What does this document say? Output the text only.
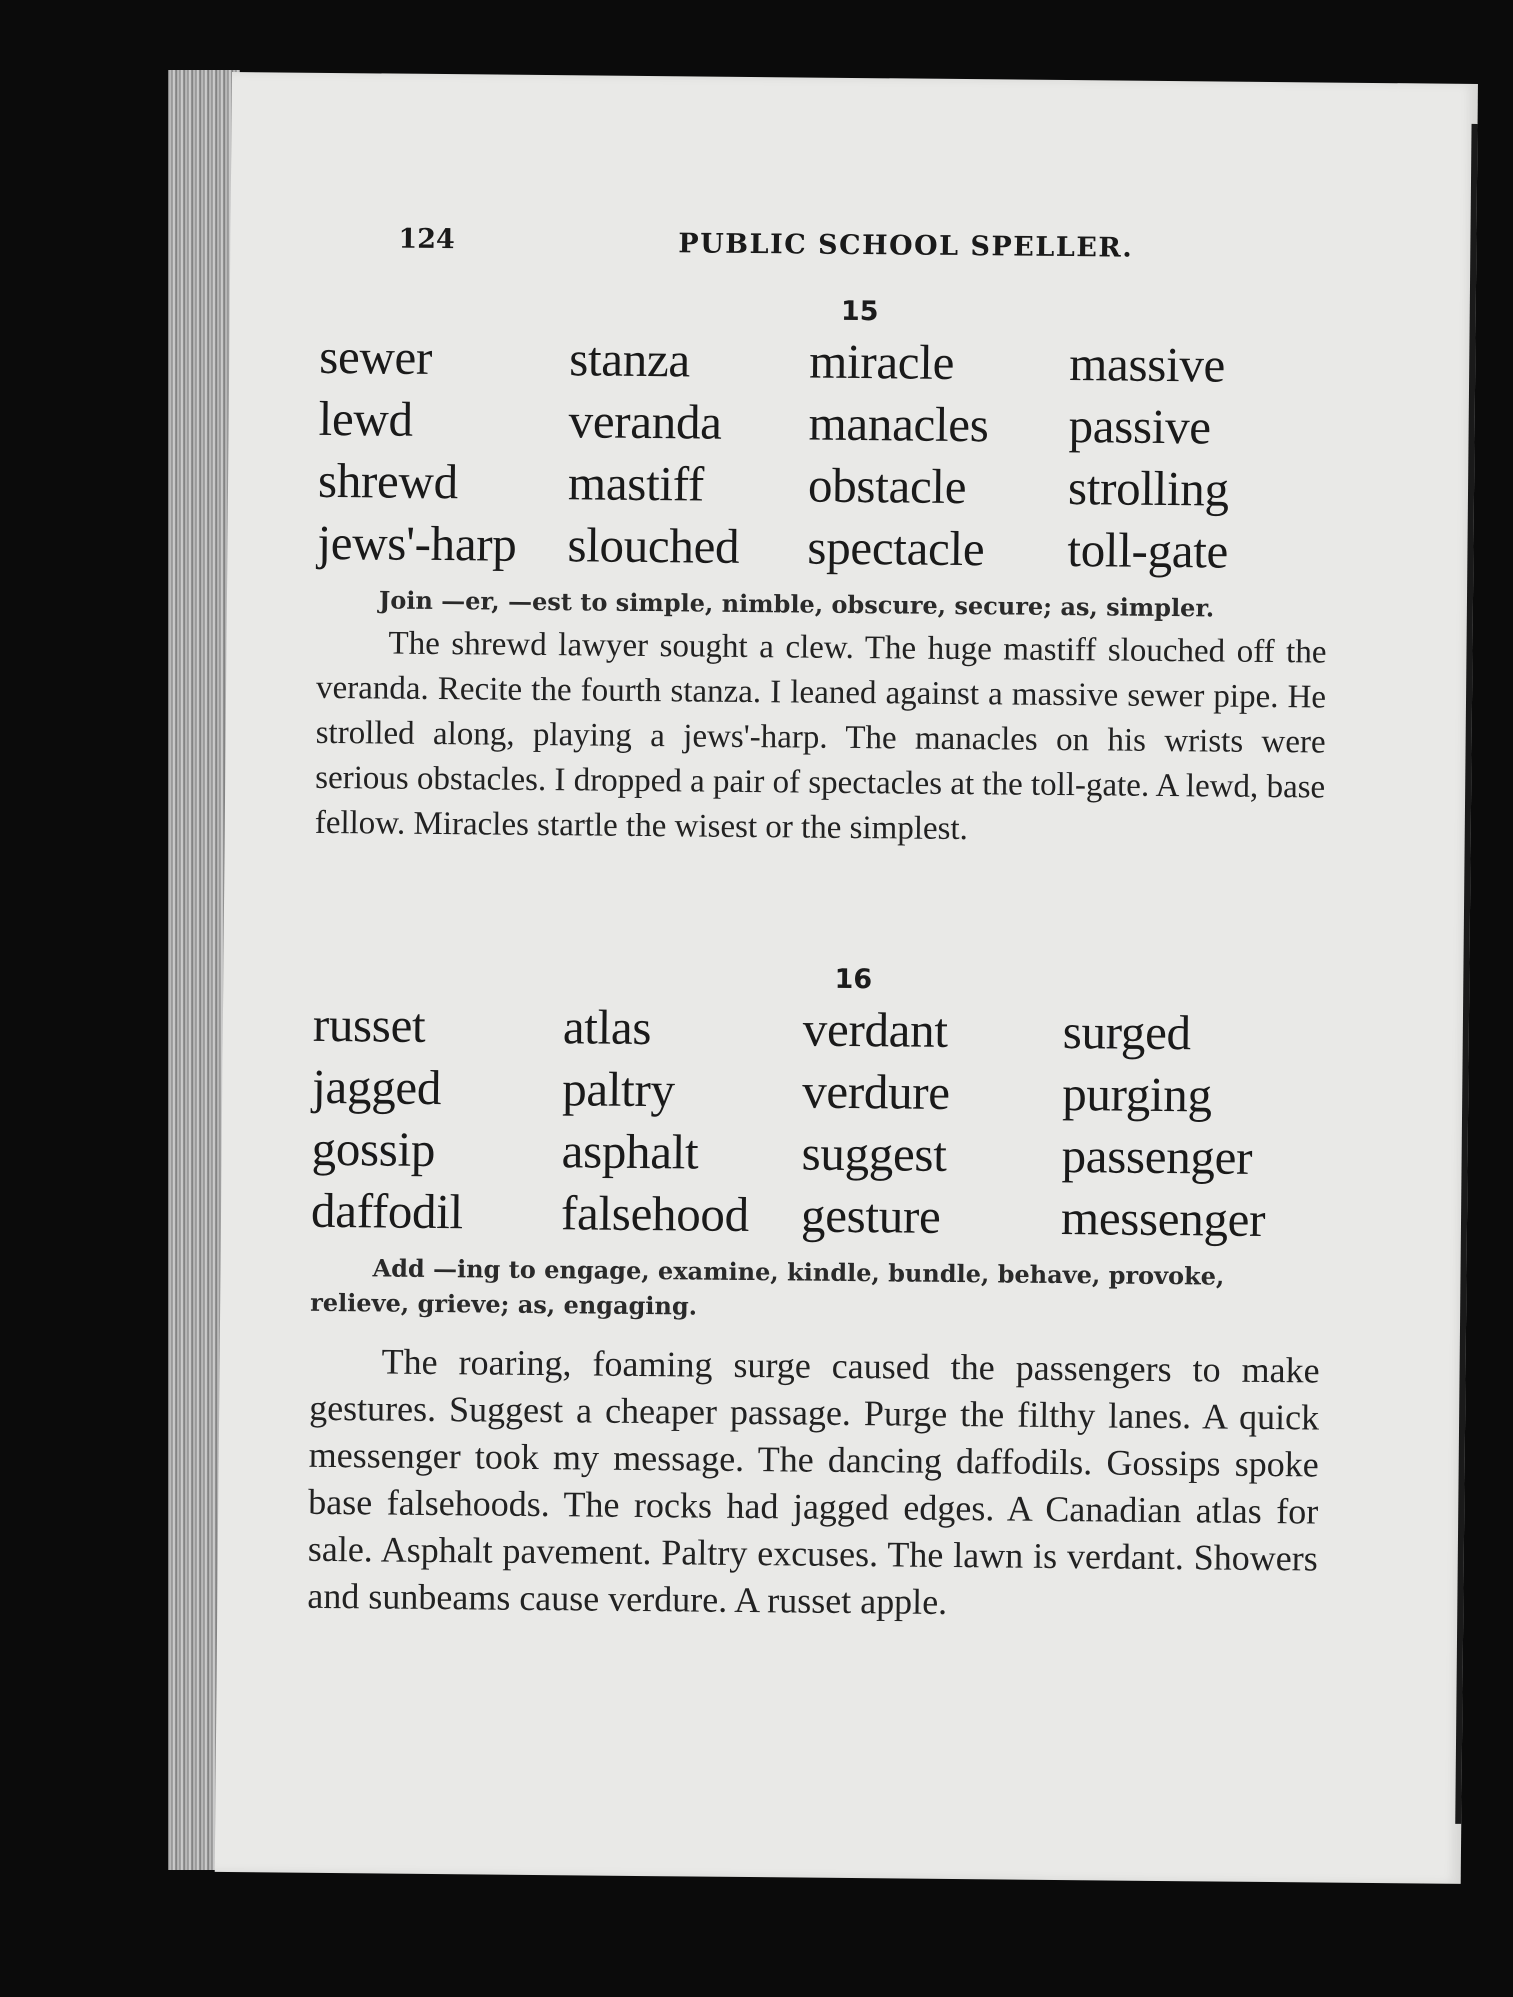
124	PUBLIC SCHOOL SPELLER.
15
sewer	stanza	miracle	massive
lewd	veranda	manacles	passive
shrewd	mastiff	obstacle	strolling
jews'-harp	slouched	spectacle	toll-gate
Join —er, —est to simple, nimble, obscure, secure; as, simpler.
The shrewd lawyer sought a clew. The huge mastiff slouched off the veranda. Recite the fourth stanza. I leaned against a massive sewer pipe. He strolled along, playing a jews'-harp. The manacles on his wrists were serious obstacles. I dropped a pair of spectacles at the toll-gate. A lewd, base fellow. Miracles startle the wisest or the simplest.
16
russet	atlas	verdant	surged
jagged	paltry	verdure	purging
gossip	asphalt	suggest	passenger
daffodil	falsehood	gesture	messenger
Add —ing to engage, examine, kindle, bundle, behave, provoke, relieve, grieve; as, engaging.
The roaring, foaming surge caused the passengers to make gestures. Suggest a cheaper passage. Purge the filthy lanes. A quick messenger took my message. The dancing daffodils. Gossips spoke base falsehoods. The rocks had jagged edges. A Canadian atlas for sale. Asphalt pavement. Paltry excuses. The lawn is verdant. Showers and sunbeams cause verdure. A russet apple.
